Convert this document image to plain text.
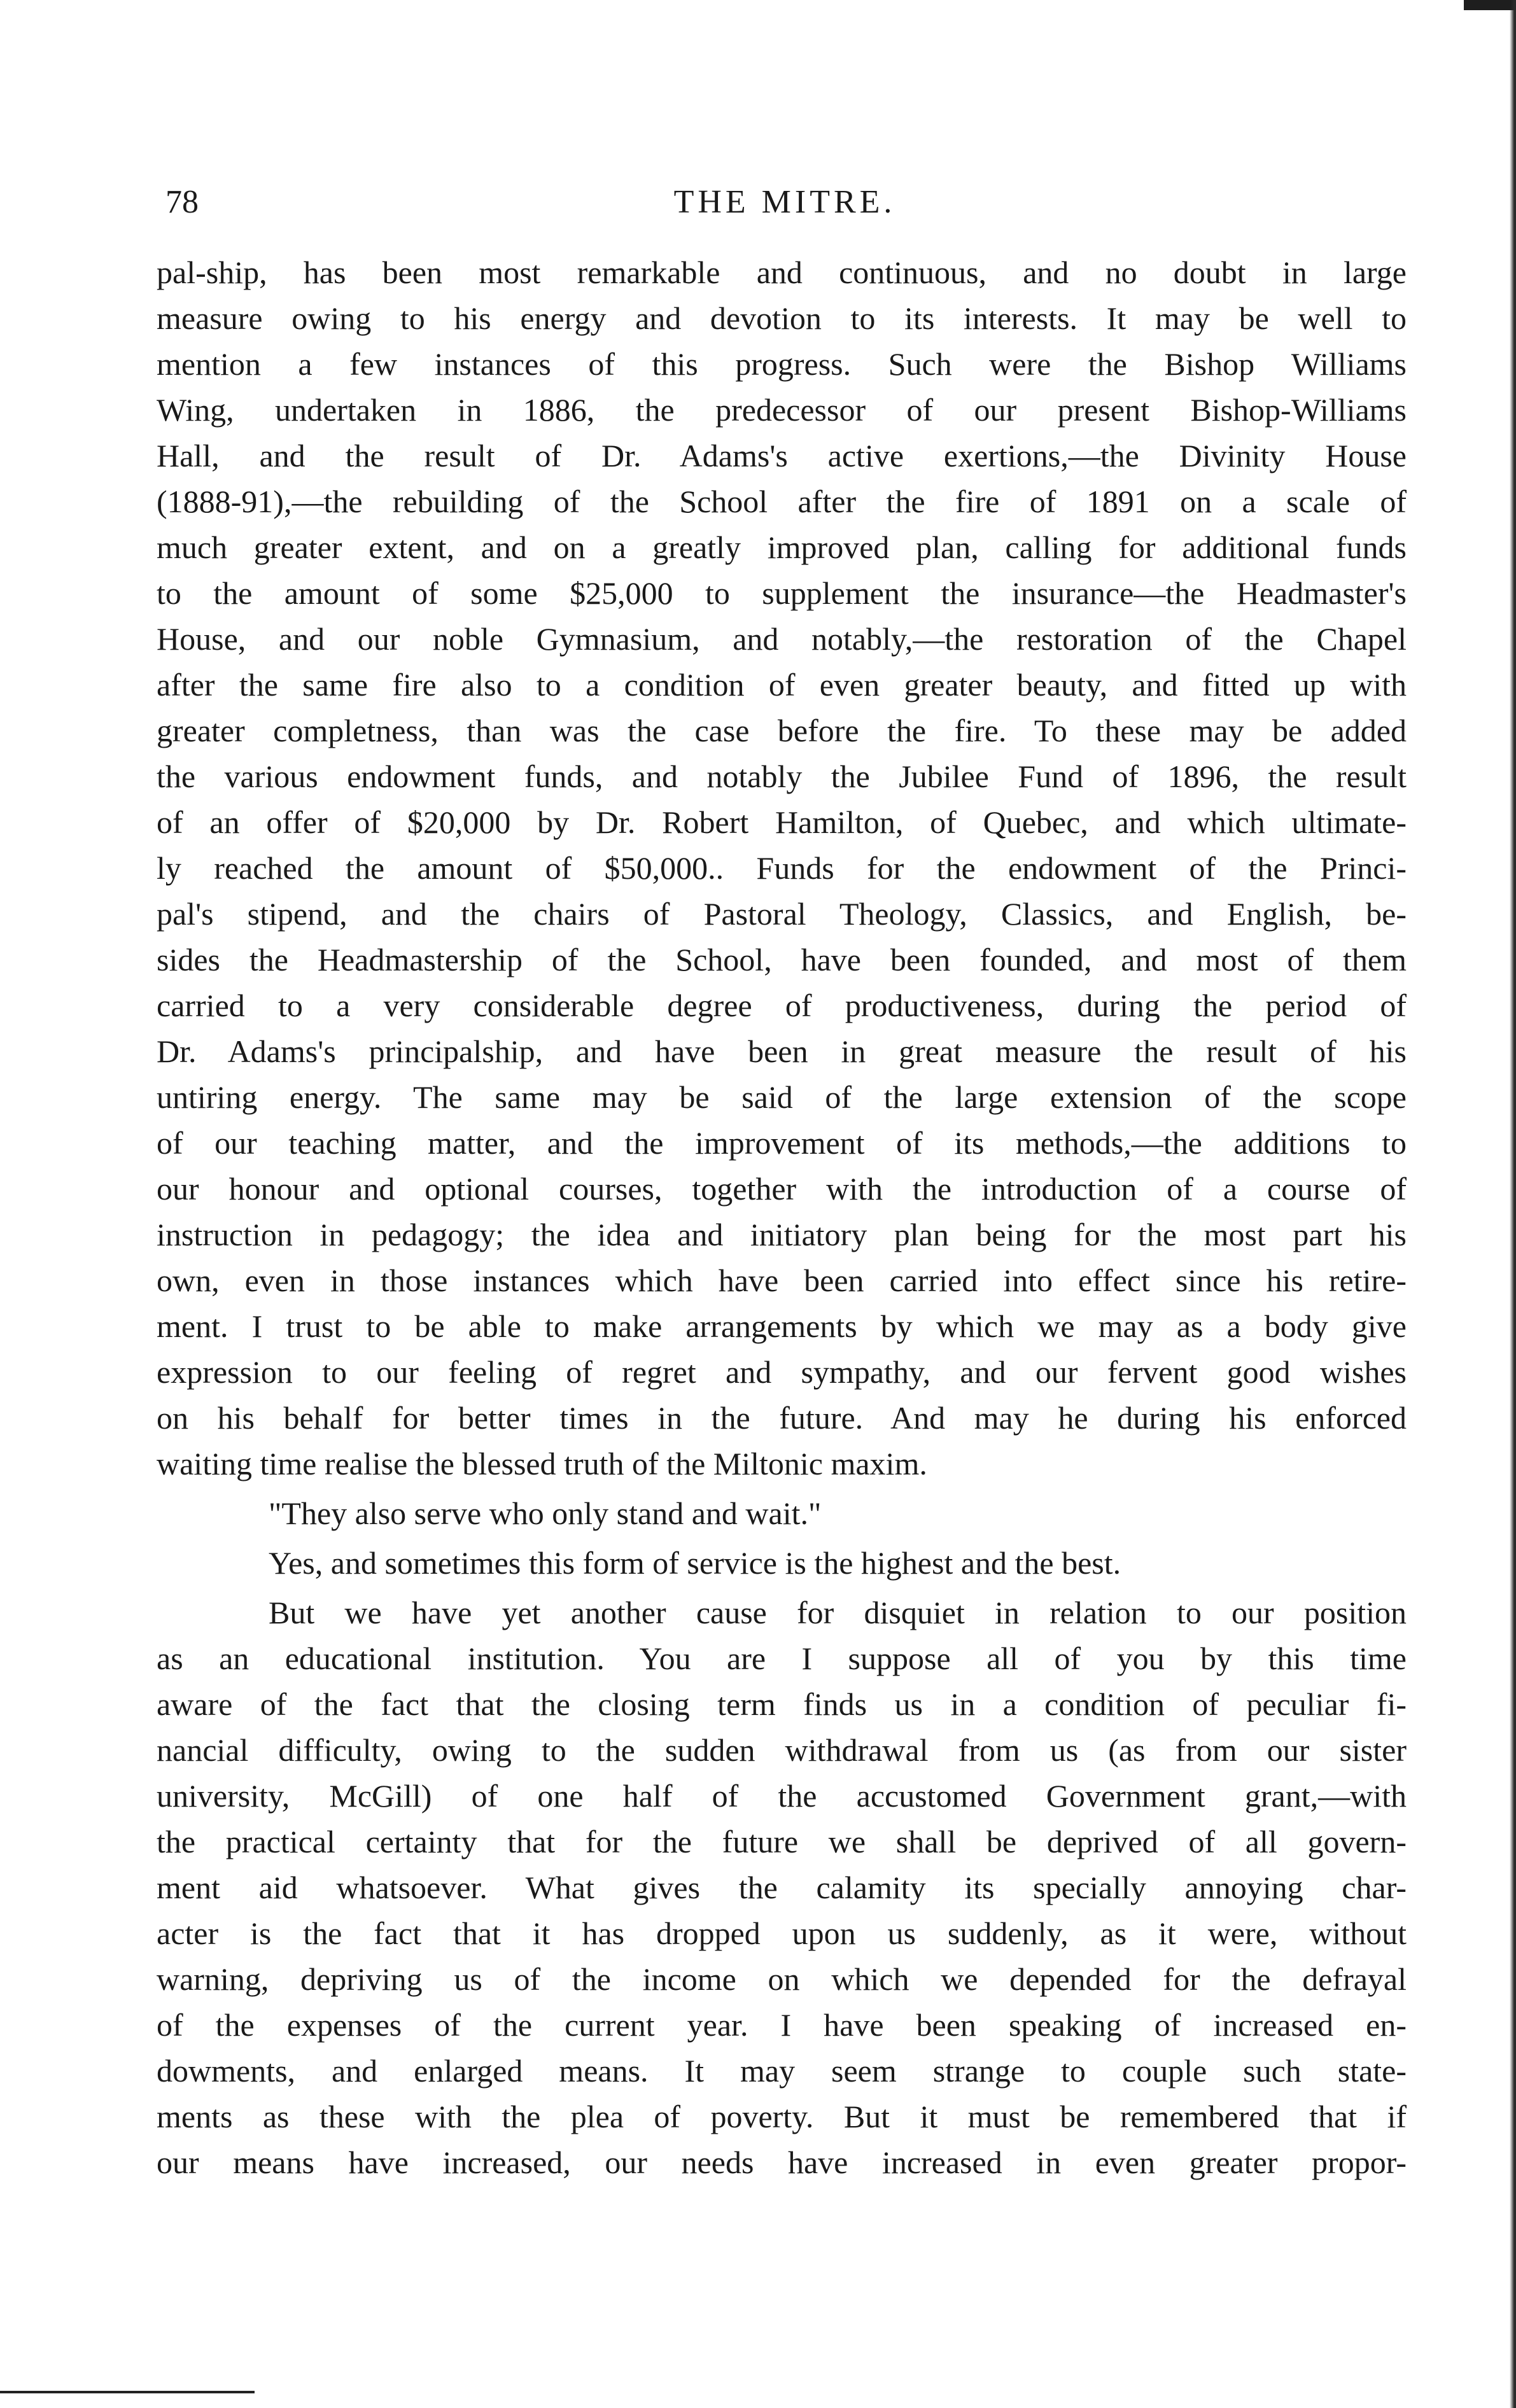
78	THE MITRE.
pal-ship, has been most remarkable and continuous, and no doubt in large
measure owing to his energy and devotion to its interests. It may be well to
mention a few instances of this progress. Such were the Bishop Williams
Wing, undertaken in 1886, the predecessor of our present Bishop-Williams
Hall, and the result of Dr. Adams's active exertions,—the Divinity House
(1888-91),—the rebuilding of the School after the fire of 1891 on a scale of
much greater extent, and on a greatly improved plan, calling for additional funds
to the amount of some $25,000 to supplement the insurance—the Headmaster's
House, and our noble Gymnasium, and notably,—the restoration of the Chapel
after the same fire also to a condition of even greater beauty, and fitted up with
greater completness, than was the case before the fire. To these may be added
the various endowment funds, and notably the Jubilee Fund of 1896, the result
of an offer of $20,000 by Dr. Robert Hamilton, of Quebec, and which ultimate-
ly reached the amount of $50,000.. Funds for the endowment of the Princi-
pal's stipend, and the chairs of Pastoral Theology, Classics, and English, be-
sides the Headmastership of the School, have been founded, and most of them
carried to a very considerable degree of productiveness, during the period of
Dr. Adams's principalship, and have been in great measure the result of his
untiring energy. The same may be said of the large extension of the scope
of our teaching matter, and the improvement of its methods,—the additions to
our honour and optional courses, together with the introduction of a course of
instruction in pedagogy; the idea and initiatory plan being for the most part his
own, even in those instances which have been carried into effect since his retire-
ment. I trust to be able to make arrangements by which we may as a body give
expression to our feeling of regret and sympathy, and our fervent good wishes
on his behalf for better times in the future. And may he during his enforced
waiting time realise the blessed truth of the Miltonic maxim.
"They also serve who only stand and wait."
Yes, and sometimes this form of service is the highest and the best.
But we have yet another cause for disquiet in relation to our position
as an educational institution. You are I suppose all of you by this time
aware of the fact that the closing term finds us in a condition of peculiar fi-
nancial difficulty, owing to the sudden withdrawal from us (as from our sister
university, McGill) of one half of the accustomed Government grant,—with
the practical certainty that for the future we shall be deprived of all govern-
ment aid whatsoever. What gives the calamity its specially annoying char-
acter is the fact that it has dropped upon us suddenly, as it were, without
warning, depriving us of the income on which we depended for the defrayal
of the expenses of the current year. I have been speaking of increased en-
dowments, and enlarged means. It may seem strange to couple such state-
ments as these with the plea of poverty. But it must be remembered that if
our means have increased, our needs have increased in even greater propor-
